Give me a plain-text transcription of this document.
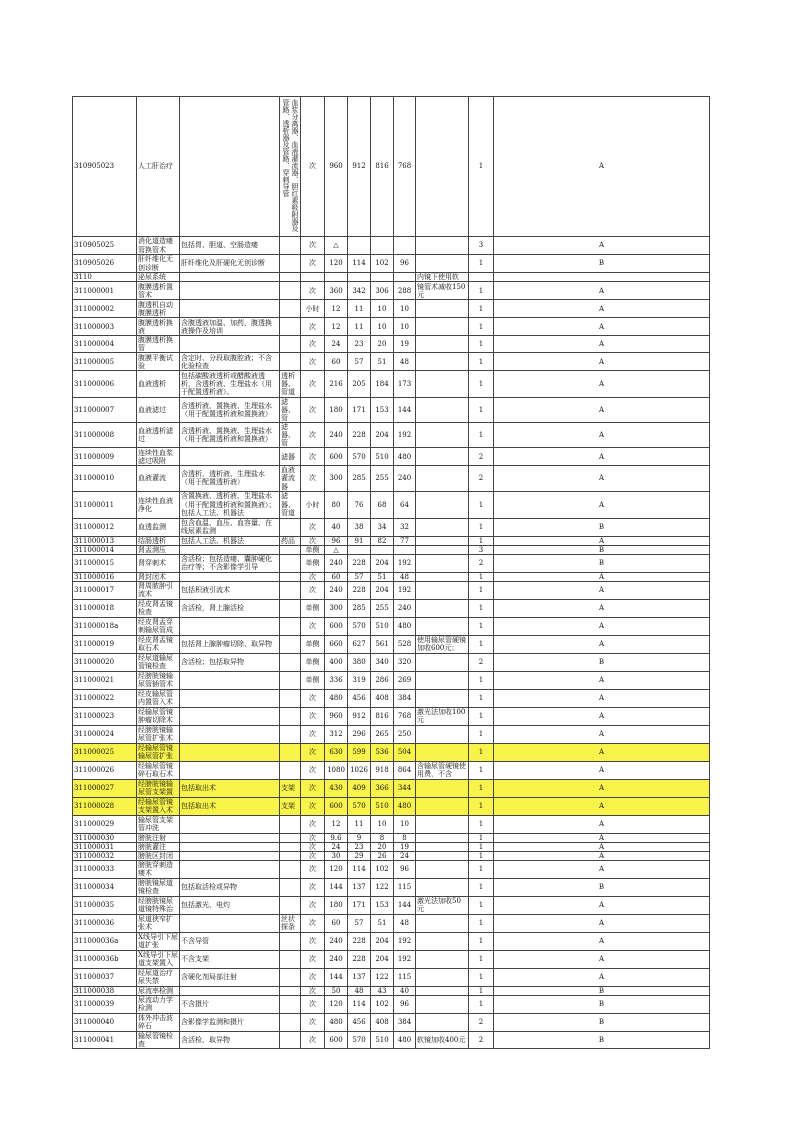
310905023	人工肝治疗		血浆分离器、血液灌流器、胆红素吸附器及管路、透析器及管路、穿刺导管	次	960	912	816	768		1	A
310905025	消化道造瘘管换管术	包括胃、胆道、空肠造瘘		次	△					3	A
310905026	肝纤维化无创诊断	肝纤维化及肝硬化无创诊断		次	120	114	102	96		1	B
3110	泌尿系统								内镜下使用软		
311000001	腹膜透析置管术			次	360	342	306	288	镜管术减收150元	1	A
311000002	腹透机自动腹膜透析			小时	12	11	10	10		1	A
311000003	腹膜透析换液	含腹透液加温、加药，腹透换液操作及培训		次	12	11	10	10		1	A
311000004	腹膜透析换管			次	24	23	20	19		1	A
311000005	腹膜平衡试验	含定时、分段取腹腔液；不含化验检查		次	60	57	51	48		1	A
311000006	血液透析	包括碳酸液透析或醋酸液透析，含透析液、生理盐水（用于配置透析液）。	透析器、管道	次	216	205	184	173		1	A
311000007	血液滤过	含透析液、置换液、生理盐水（用于配置透析液和置换液）	滤器、管	次	180	171	153	144		1	A
311000008	血液透析滤过	含透析液、置换液、生理盐水（用于配置透析液和置换液）	滤器、管	次	240	228	204	192		1	A
311000009	连续性血浆滤过吸附		滤器	次	600	570	510	480		2	A
311000010	血液灌流	含透析、透析液、生理盐水（用于配置透析液）	血液灌流器	次	300	285	255	240		2	A
311000011	连续性血液净化	含置换液、透析液、生理盐水（用于配置透析液和置换液）；包括人工法、机器法	滤器、管道	小时	80	76	68	64		1	A
311000012	血透监测	包含血温、血压、血容量、在线尿素监测		次	40	38	34	32		1	B
311000013	结肠透析	包括人工法、机器法	药品	次	96	91	82	77		1	A
311000014	肾盂测压			单侧	△					3	B
311000015	肾穿刺术	含活检；包括造瘘、囊肿硬化治疗等；不含影像学引导		单侧	240	228	204	192		2	B
311000016	肾封闭术			次	60	57	51	48		1	A
311000017	肾周脓肿引流术	包括积液引流术		次	240	228	204	192		1	A
311000018	经皮肾盂镜检查	含活检，肾上腺活检		单侧	300	285	255	240		1	A
311000018a	经皮肾盂穿刺输尿管成			次	600	570	510	480		1	A
311000019	经皮肾盂镜取石术	包括肾上腺肿瘤切除、取异物		单侧	660	627	561	528	使用输尿管硬镜加收600元；	1	A
311000020	经尿道输尿管镜检查	含活检；包括取异物		单侧	400	380	340	320		2	B
311000021	经膀胱镜输尿管插管术			单侧	336	319	286	269		1	A
311000022	经皮输尿管内置管入术			次	480	456	408	384		1	A
311000023	经输尿管镜肿瘤切除术			次	960	912	816	768	激光法加收100元	1	A
311000024	经膀胱镜输尿管扩张术			次	312	296	265	250		1	A
311000025	经输尿管镜输尿管扩张			次	630	599	536	504		1	A
311000026	经输尿管镜碎石取石术			次	1080	1026	918	864	含输尿管硬镜使用费，不含	1	A
311000027	经膀胱镜输尿管支架置	包括取出术	支架	次	430	409	366	344		1	A
311000028	经输尿管镜支架置入术	包括取出术	支架	次	600	570	510	480		1	A
311000029	输尿管支架管冲洗			次	12	11	10	10		1	A
311000030	膀胱注射			次	9.6	9	8	8		1	A
311000031	膀胱灌注			次	24	23	20	19		1	A
311000032	膀胱区封闭			次	30	29	26	24		1	A
311000033	膀胱穿刺造瘘术			次	120	114	102	96		1	A
311000034	膀胱镜尿道镜检查	包括取活检或异物		次	144	137	122	115		1	B
311000035	经膀胱镜尿道镜特殊治	包括激光、电灼		次	180	171	153	144	激光法加收50元	1	A
311000036	尿道狭窄扩张术		丝状探条	次	60	57	51	48		1	A
311000036a	X线导引下尿道扩张	不含导管		次	240	228	204	192		1	A
311000036b	X线导引下尿道支架置入	不含支架		次	240	228	204	192		1	A
311000037	经尿道治疗尿失禁	含硬化剂局部注射		次	144	137	122	115		1	A
311000038	尿流率检测			次	50	48	43	40		1	B
311000039	尿流动力学检测	不含摄片		次	120	114	102	96		1	B
311000040	体外冲击波碎石	含影像学监测和摄片		次	480	456	408	384		2	B
311000041	输尿管镜检查	含活检、取异物		次	600	570	510	480	软镜加收400元	2	B
